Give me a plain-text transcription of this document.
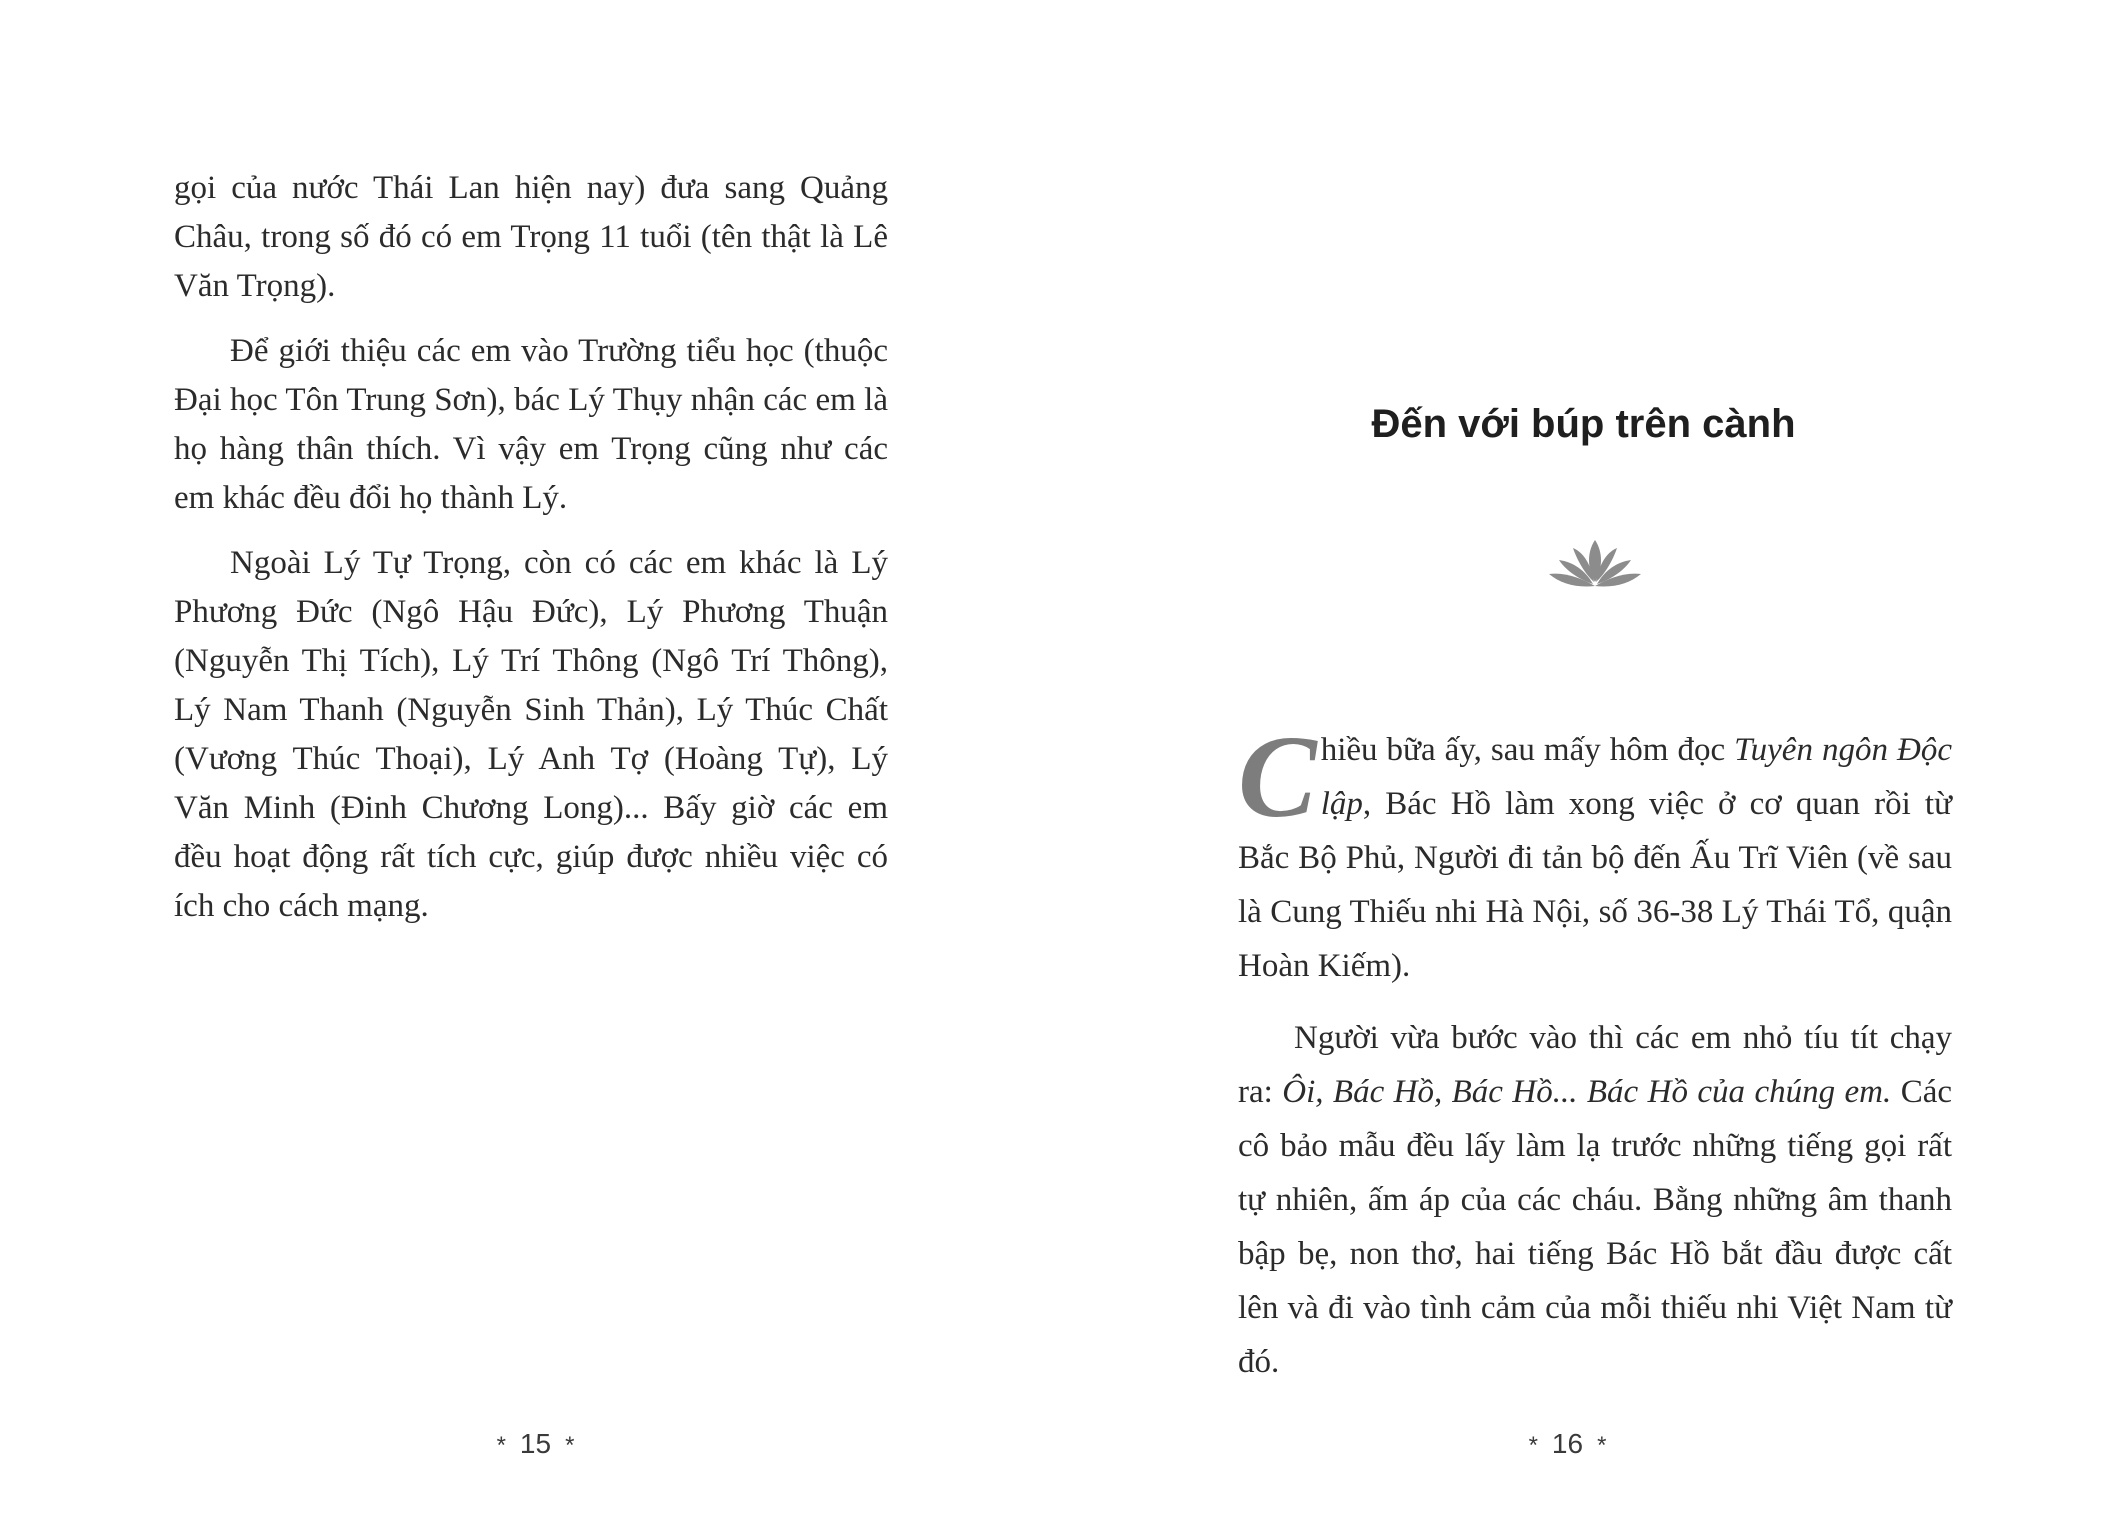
gọi của nước Thái Lan hiện nay) đưa sang Quảng Châu, trong số đó có em Trọng 11 tuổi (tên thật là Lê Văn Trọng).

Để giới thiệu các em vào Trường tiểu học (thuộc Đại học Tôn Trung Sơn), bác Lý Thụy nhận các em là họ hàng thân thích. Vì vậy em Trọng cũng như các em khác đều đổi họ thành Lý.

Ngoài Lý Tự Trọng, còn có các em khác là Lý Phương Đức (Ngô Hậu Đức), Lý Phương Thuận (Nguyễn Thị Tích), Lý Trí Thông (Ngô Trí Thông), Lý Nam Thanh (Nguyễn Sinh Thản), Lý Thúc Chất (Vương Thúc Thoại), Lý Anh Tợ (Hoàng Tự), Lý Văn Minh (Đinh Chương Long)... Bấy giờ các em đều hoạt động rất tích cực, giúp được nhiều việc có ích cho cách mạng.

* 15 *
Đến với búp trên cành

Chiều bữa ấy, sau mấy hôm đọc Tuyên ngôn Độc lập, Bác Hồ làm xong việc ở cơ quan rồi từ Bắc Bộ Phủ, Người đi tản bộ đến Ấu Trĩ Viên (về sau là Cung Thiếu nhi Hà Nội, số 36-38 Lý Thái Tổ, quận Hoàn Kiếm).

Người vừa bước vào thì các em nhỏ tíu tít chạy ra: Ôi, Bác Hồ, Bác Hồ... Bác Hồ của chúng em. Các cô bảo mẫu đều lấy làm lạ trước những tiếng gọi rất tự nhiên, ấm áp của các cháu. Bằng những âm thanh bập bẹ, non thơ, hai tiếng Bác Hồ bắt đầu được cất lên và đi vào tình cảm của mỗi thiếu nhi Việt Nam từ đó.

* 16 *
